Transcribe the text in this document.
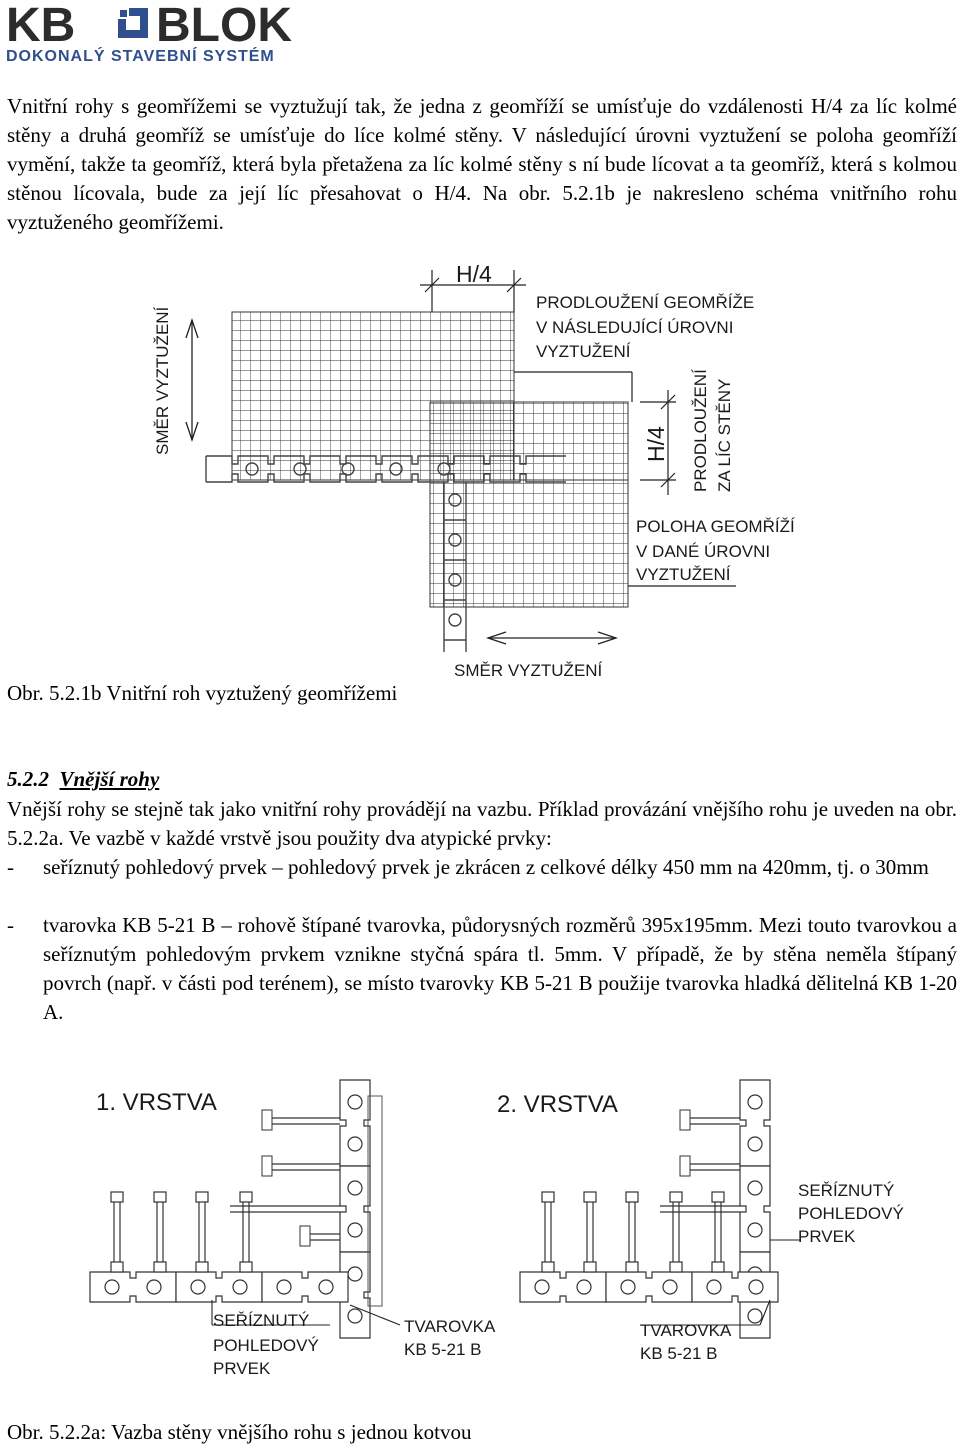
KB BLOK
DOKONALÝ STAVEBNÍ SYSTÉM

Vnitřní rohy s geomřížemi se vyztužují tak, že jedna z geomříží se umísťuje do vzdálenosti H/4 za líc kolmé stěny a druhá geomříž se umísťuje do líce kolmé stěny. V následující úrovni vyztužení se poloha geomříží vymění, takže ta geomříž, která byla přetažena za líc kolmé stěny s ní bude lícovat a ta geomříž, která s kolmou stěnou lícovala, bude za její líc přesahovat o H/4. Na obr. 5.2.1b je nakresleno schéma vnitřního rohu vyztuženého geomřížemi.

H/4
PRODLOUŽENÍ GEOMŘÍŽE
V NÁSLEDUJÍCÍ ÚROVNI
VYZTUŽENÍ
SMĚR VYZTUŽENÍ	H/4 PRODLOUŽENÍ ZA LÍC STĚNY
POLOHA GEOMŘÍŽÍ
V DANÉ ÚROVNI
VYZTUŽENÍ
SMĚR VYZTUŽENÍ
Obr. 5.2.1b Vnitřní roh vyztužený geomřížemi
5.2.2 Vnější rohy

Vnější rohy se stejně tak jako vnitřní rohy provádějí na vazbu. Příklad provázání vnějšího rohu je uveden na obr. 5.2.2a. Ve vazbě v každé vrstvě jsou použity dva atypické prvky:

- seříznutý pohledový prvek – pohledový prvek je zkrácen z celkové délky 450 mm na 420mm, tj. o 30mm
- tvarovka KB 5-21 B – rohově štípané tvarovka, půdorysných rozměrů 395x195mm. Mezi touto tvarovkou a seříznutým pohledovým prvkem vznikne styčná spára tl. 5mm. V případě, že by stěna neměla štípaný povrch (např. v části pod terénem), se místo tvarovky KB 5-21 B použije tvarovka hladká dělitelná KB 1-20 A.
1. VRSTVA
SEŘÍZNUTÝ
POHLEDOVÝ
PRVEK
TVAROVKA
KB 5-21 B
2. VRSTVA
TVAROVKA
KB 5-21 B
SEŘÍZNUTÝ
POHLEDOVÝ
PRVEK
Obr. 5.2.2a: Vazba stěny vnějšího rohu s jednou kotvou
